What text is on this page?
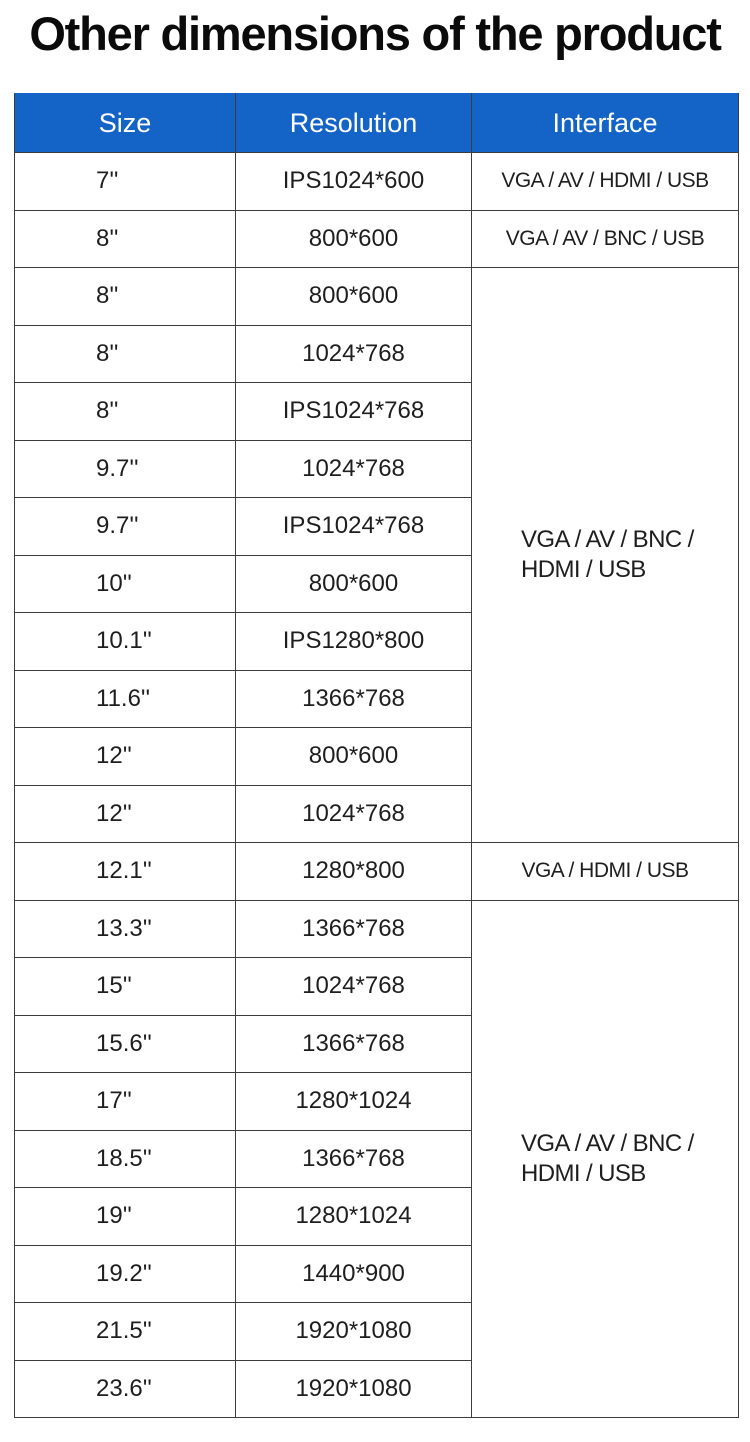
Other dimensions of the product
Size	Resolution	Interface
7''	IPS1024*600	VGA / AV / HDMI / USB
8''	800*600	VGA / AV / BNC / USB
8''	800*600	VGA / AV / BNC /
HDMI / USB

8''	1024*768	
8''	IPS1024*768	
9.7''	1024*768	
9.7''	IPS1024*768	
10''	800*600	
10.1''	IPS1280*800	
11.6''	1366*768	
12''	800*600	
12''	1024*768	
12.1''	1280*800	VGA / HDMI / USB
13.3''	1366*768	VGA / AV / BNC /
HDMI / USB

15''	1024*768	
15.6''	1366*768	
17''	1280*1024	
18.5''	1366*768	
19''	1280*1024	
19.2''	1440*900	
21.5''	1920*1080	
23.6''	1920*1080	
